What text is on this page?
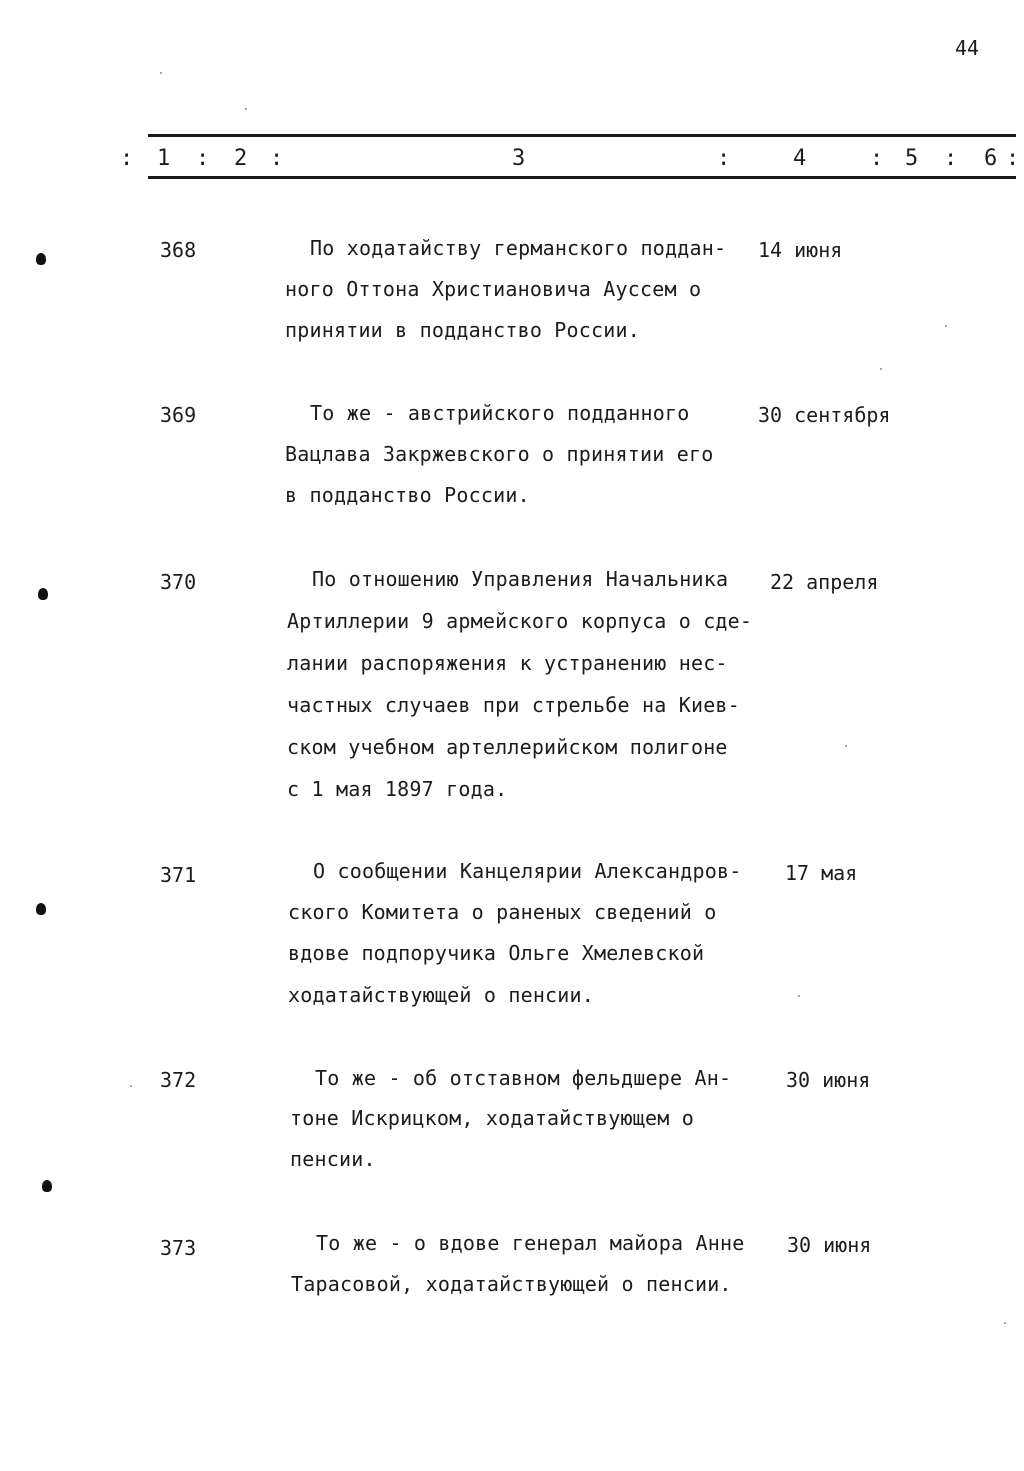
44
: 1 : 2 :	3	:	4	: 5 : 6 :
368	По ходатайству германского поддан-
ного Оттона Христиановича Ауссем о
принятии в подданство России.
14 июня
369	То же - австрийского подданного
Вацлава Закржевского о принятии его
в подданство России.
30 сентября
370	По отношению Управления Начальника
Артиллерии 9 армейского корпуса о сде-
лании распоряжения к устранению нес-
частных случаев при стрельбе на Киев-
ском учебном артеллерийском полигоне
с 1 мая 1897 года.
22 апреля
371	О сообщении Канцелярии Александров-
ского Комитета о раненых сведений о
вдове подпоручика Ольге Хмелевской
ходатайствующей о пенсии.
17 мая
372	То же - об отставном фельдшере Ан-
тоне Искрицком, ходатайствующем о
пенсии.
30 июня
373	То же - о вдове генерал майора Анне
Тарасовой, ходатайствующей о пенсии.
30 июня
